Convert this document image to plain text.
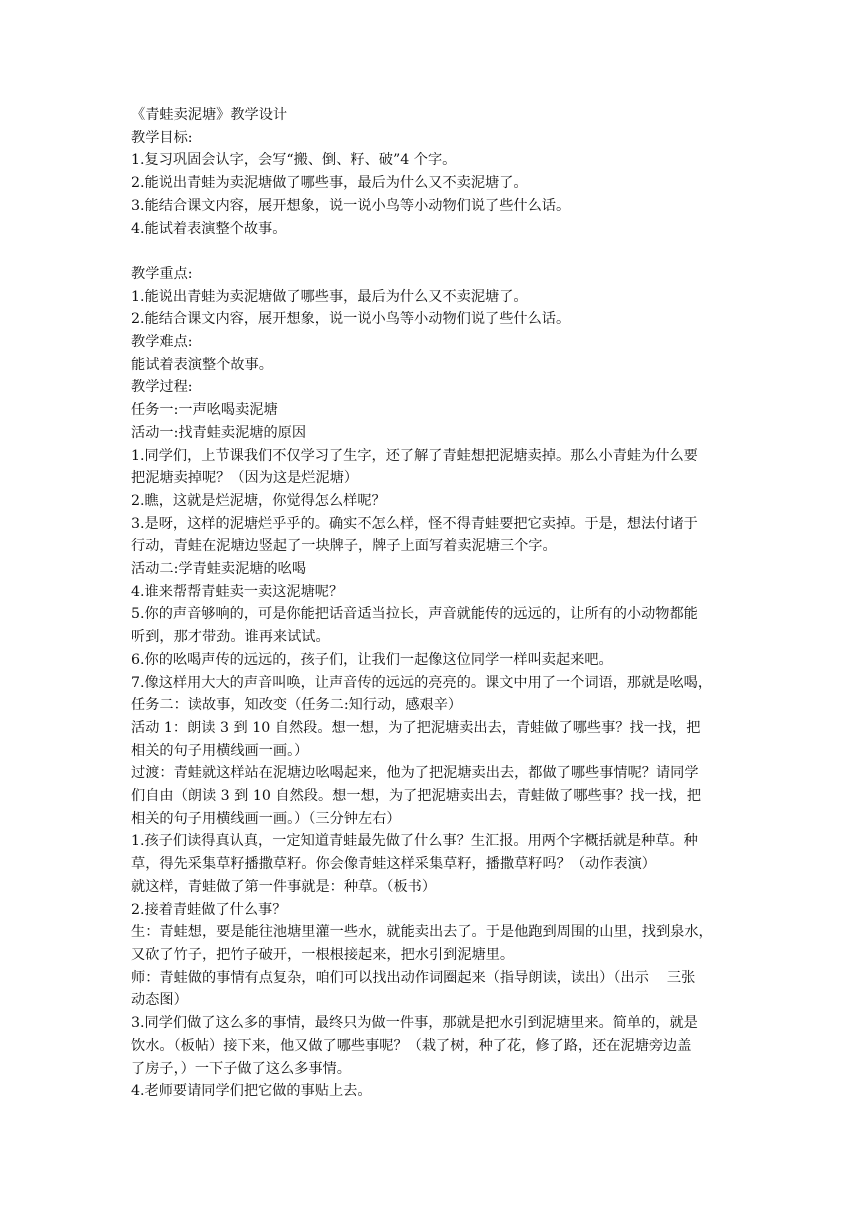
《青蛙卖泥塘》教学设计

教学目标:

1.复习巩固会认字，会写“搬、倒、籽、破”4 个字。

2.能说出青蛙为卖泥塘做了哪些事，最后为什么又不卖泥塘了。

3.能结合课文内容，展开想象，说一说小鸟等小动物们说了些什么话。

4.能试着表演整个故事。

教学重点:

1.能说出青蛙为卖泥塘做了哪些事，最后为什么又不卖泥塘了。

2.能结合课文内容，展开想象，说一说小鸟等小动物们说了些什么话。

教学难点:

能试着表演整个故事。

教学过程:

任务一:一声吆喝卖泥塘

活动一:找青蛙卖泥塘的原因

1.同学们，上节课我们不仅学习了生字，还了解了青蛙想把泥塘卖掉。那么小青蛙为什么要

把泥塘卖掉呢？（因为这是烂泥塘）

2.瞧，这就是烂泥塘，你觉得怎么样呢？

3.是呀，这样的泥塘烂乎乎的。确实不怎么样，怪不得青蛙要把它卖掉。于是，想法付诸于

行动，青蛙在泥塘边竖起了一块牌子，牌子上面写着卖泥塘三个字。

活动二:学青蛙卖泥塘的吆喝

4.谁来帮帮青蛙卖一卖这泥塘呢？

5.你的声音够响的，可是你能把话音适当拉长，声音就能传的远远的，让所有的小动物都能

听到，那才带劲。谁再来试试。

6.你的吆喝声传的远远的，孩子们，让我们一起像这位同学一样叫卖起来吧。

7.像这样用大大的声音叫唤，让声音传的远远的亮亮的。课文中用了一个词语，那就是吆喝，

任务二：读故事，知改变（任务二:知行动，感艰辛）

活动 1：朗读 3 到 10 自然段。想一想，为了把泥塘卖出去，青蛙做了哪些事？找一找，把

相关的句子用横线画一画。）

过渡：青蛙就这样站在泥塘边吆喝起来，他为了把泥塘卖出去，都做了哪些事情呢？请同学

们自由（朗读 3 到 10 自然段。想一想，为了把泥塘卖出去，青蛙做了哪些事？找一找，把

相关的句子用横线画一画。）（三分钟左右）

1.孩子们读得真认真，一定知道青蛙最先做了什么事？生汇报。用两个字概括就是种草。种

草，得先采集草籽播撒草籽。你会像青蛙这样采集草籽，播撒草籽吗？（动作表演）

就这样，青蛙做了第一件事就是：种草。（板书）

2.接着青蛙做了什么事？

生：青蛙想，要是能往池塘里灌一些水，就能卖出去了。于是他跑到周围的山里，找到泉水，

又砍了竹子，把竹子破开，一根根接起来，把水引到泥塘里。

师：青蛙做的事情有点复杂，咱们可以找出动作词圈起来（指导朗读，读出）（出示    三张

动态图）

3.同学们做了这么多的事情，最终只为做一件事，那就是把水引到泥塘里来。简单的，就是

饮水。（板帖）接下来，他又做了哪些事呢？（栽了树，种了花，修了路，还在泥塘旁边盖

了房子，）一下子做了这么多事情。

4.老师要请同学们把它做的事贴上去。
